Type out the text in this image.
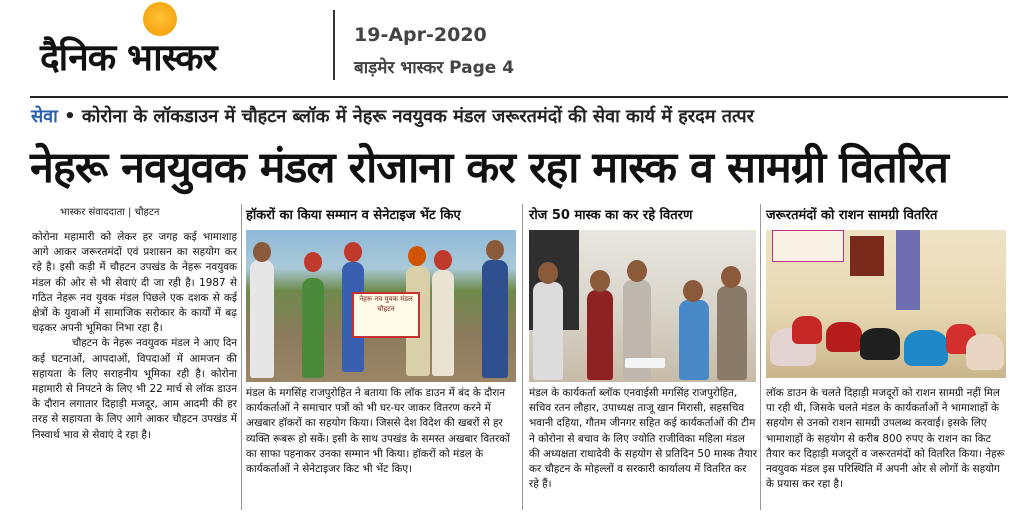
दैनिक भास्कर
19-Apr-2020
बाड़मेर भास्कर Page 4
सेवा • कोरोना के लॉकडाउन में चौहटन ब्लॉक में नेहरू नवयुवक मंडल जरूरतमंदों की सेवा कार्य में हरदम तत्पर
नेहरू नवयुवक मंडल रोजाना कर रहा मास्क व सामग्री वितरित
भास्कर संवाददाता | चौहटन
कोरोना महामारी को लेकर हर जगह कई भामाशाह आगे आकर जरूरतमंदों एवं प्रशासन का सहयोग कर रहे है। इसी कड़ी में चौहटन उपखंड के नेहरू नवयुवक मंडल की ओर से भी सेवाएं दी जा रही है। 1987 से गठित नेहरू नव युवक मंडल पिछले एक दशक से कई क्षेत्रों के युवाओं में सामाजिक सरोकार के कार्यों में बढ़ चढ़कर अपनी भूमिका निभा रहा है।
चौहटन के नेहरू नवयुवक मंडल ने आए दिन कई घटनाओं, आपदाओं, विपदाओं में आमजन की सहायता के लिए सराहनीय भूमिका रही है। कोरोना महामारी से निपटने के लिए भी 22 मार्च से लॉक डाउन के दौरान लगातार दिहाड़ी मजदूर, आम आदमी की हर तरह से सहायता के लिए आगे आकर चौहटन उपखंड में निस्वार्थ भाव से सेवाएं दे रहा है।
हॉकरों का किया सम्मान व सेनेटाइज भेंट किए
नेहरू नव युवक मंडल चौहटन
मंडल के मगसिंह राजपुरोहित ने बताया कि लॉक डाउन में बंद के दौरान कार्यकर्ताओं ने समाचार पत्रों को भी घर-घर जाकर वितरण करने में अखबार हॉकरों का सहयोग किया। जिससे देश विदेश की खबरों से हर व्यक्ति रूबरू हो सकें। इसी के साथ उपखंड के समस्त अखबार वितरकों का साफा पहनाकर उनका सम्मान भी किया। हॉकरों को मंडल के कार्यकर्ताओं ने सेनेटाइजर किट भी भेंट किए।
रोज 50 मास्क का कर रहे वितरण
मंडल के कार्यकर्ता ब्लॉक एनवाईसी मगसिंह राजपुरोहित, सचिव रतन लौहार, उपाध्यक्ष ताजू खान मिरासी, सहसचिव भवानी दहिया, गौतम जीनगर सहित कई कार्यकर्ताओं की टीम ने कोरोना से बचाव के लिए ज्योति राजीविका महिला मंडल की अध्यक्षता राधादेवी के सहयोग से प्रतिदिन 50 मास्क तैयार कर चौहटन के मोहल्लों व सरकारी कार्यालय में वितरित कर रहे हैं।
जरूरतमंदों को राशन सामग्री वितरित
लॉक डाउन के चलते दिहाड़ी मजदूरों को राशन सामग्री नहीं मिल पा रही थी, जिसके चलते मंडल के कार्यकर्ताओं ने भामाशाहों के सहयोग से उनको राशन सामग्री उपलब्ध करवाई। इसके लिए भामाशाहों के सहयोग से करीब 800 रुपए के राशन का किट तैयार कर दिहाड़ी मजदूरों व जरूरतमंदों को वितरित किया। नेहरू नवयुवक मंडल इस परिस्थिति में अपनी ओर से लोगों के सहयोग के प्रयास कर रहा है।
